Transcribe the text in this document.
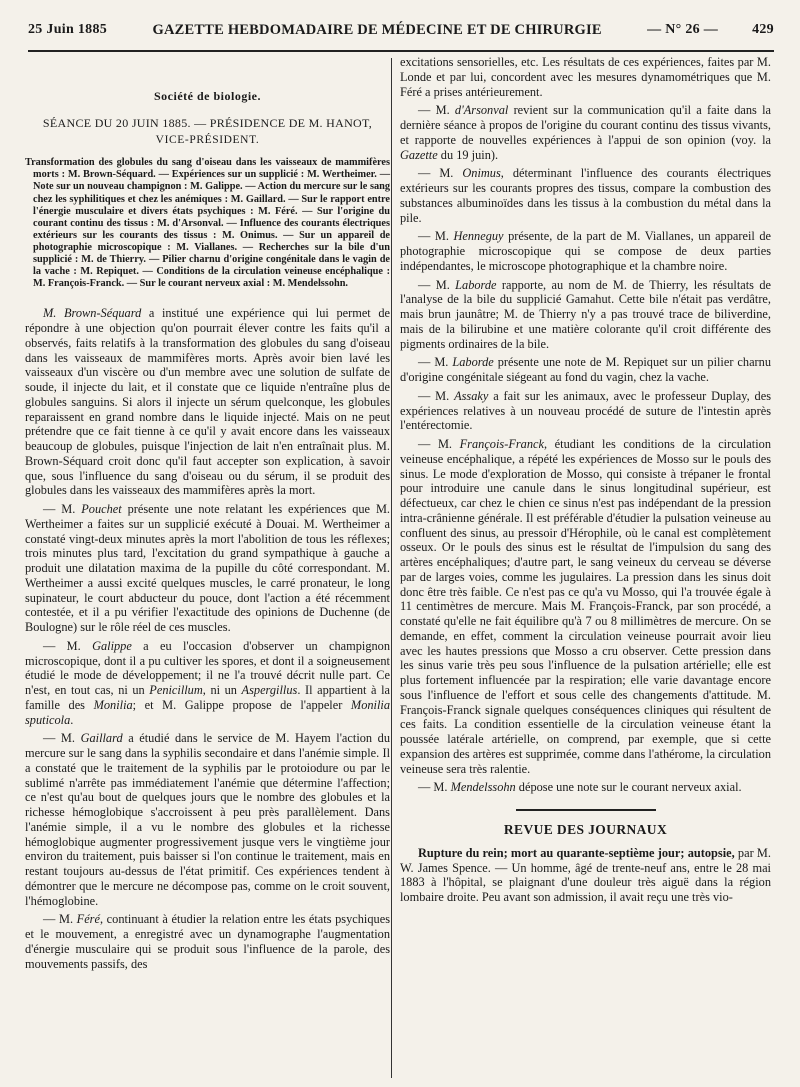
25 Juin 1885	GAZETTE HEBDOMADAIRE DE MÉDECINE ET DE CHIRURGIE	— N° 26 — 429
Société de biologie.
SÉANCE DU 20 JUIN 1885. — PRÉSIDENCE DE M. HANOT,
VICE-PRÉSIDENT.
Transformation des globules du sang d'oiseau dans les vaisseaux de mammifères morts : M. Brown-Séquard. — Expériences sur un supplicié : M. Wertheimer. — Note sur un nouveau champignon : M. Galippe. — Action du mercure sur le sang chez les syphilitiques et chez les anémiques : M. Gaillard. — Sur le rapport entre l'énergie musculaire et divers états psychiques : M. Féré. — Sur l'origine du courant continu des tissus : M. d'Arsonval. — Influence des courants électriques extérieurs sur les courants des tissus : M. Onimus. — Sur un appareil de photographie microscopique : M. Viallanes. — Recherches sur la bile d'un supplicié : M. de Thierry. — Pilier charnu d'origine congénitale dans le vagin de la vache : M. Repiquet. — Conditions de la circulation veineuse encéphalique : M. François-Franck. — Sur le courant nerveux axial : M. Mendelssohn.

M. Brown-Séquard a institué une expérience qui lui permet de répondre à une objection qu'on pourrait élever contre les faits qu'il a observés, faits relatifs à la transformation des globules du sang d'oiseau dans les vaisseaux de mammifères morts. Après avoir bien lavé les vaisseaux d'un viscère ou d'un membre avec une solution de sulfate de soude, il injecte du lait, et il constate que ce liquide n'entraîne plus de globules sanguins. Si alors il injecte un sérum quelconque, les globules reparaissent en grand nombre dans le liquide injecté. Mais on ne peut prétendre que ce fait tienne à ce qu'il y avait encore dans les vaisseaux beaucoup de globules, puisque l'injection de lait n'en entraînait plus. M. Brown-Séquard croit donc qu'il faut accepter son explication, à savoir que, sous l'influence du sang d'oiseau ou du sérum, il se produit des globules dans les vaisseaux des mammifères après la mort.

— M. Pouchet présente une note relatant les expériences que M. Wertheimer a faites sur un supplicié exécuté à Douai. M. Wertheimer a constaté vingt-deux minutes après la mort l'abolition de tous les réflexes; trois minutes plus tard, l'excitation du grand sympathique à gauche a produit une dilatation maxima de la pupille du côté correspondant. M. Wertheimer a aussi excité quelques muscles, le carré pronateur, le long supinateur, le court abducteur du pouce, dont l'action a été récemment contestée, et il a pu vérifier l'exactitude des opinions de Duchenne (de Boulogne) sur le rôle réel de ces muscles.

— M. Galippe a eu l'occasion d'observer un champignon microscopique, dont il a pu cultiver les spores, et dont il a soigneusement étudié le mode de développement; il ne l'a trouvé décrit nulle part. Ce n'est, en tout cas, ni un Penicillum, ni un Aspergillus. Il appartient à la famille des Monilia; et M. Galippe propose de l'appeler Monilia sputicola.

— M. Gaillard a étudié dans le service de M. Hayem l'action du mercure sur le sang dans la syphilis secondaire et dans l'anémie simple. Il a constaté que le traitement de la syphilis par le protoiodure ou par le sublimé n'arrête pas immédiatement l'anémie que détermine l'affection; ce n'est qu'au bout de quelques jours que le nombre des globules et la richesse hémoglobique s'accroissent à peu près parallèlement. Dans l'anémie simple, il a vu le nombre des globules et la richesse hémoglobique augmenter progressivement jusque vers le vingtième jour environ du traitement, puis baisser si l'on continue le traitement, mais en restant toujours au-dessus de l'état primitif. Ces expériences tendent à démontrer que le mercure ne décompose pas, comme on le croit souvent, l'hémoglobine.

— M. Féré, continuant à étudier la relation entre les états psychiques et le mouvement, a enregistré avec un dynamographe l'augmentation d'énergie musculaire qui se produit sous l'influence de la parole, des mouvements passifs, des

excitations sensorielles, etc. Les résultats de ces expériences, faites par M. Londe et par lui, concordent avec les mesures dynamométriques que M. Féré a prises antérieurement.

— M. d'Arsonval revient sur la communication qu'il a faite dans la dernière séance à propos de l'origine du courant continu des tissus vivants, et rapporte de nouvelles expériences à l'appui de son opinion (voy. la Gazette du 19 juin).

— M. Onimus, déterminant l'influence des courants électriques extérieurs sur les courants propres des tissus, compare la combustion des substances albuminoïdes dans les tissus à la combustion du métal dans la pile.

— M. Henneguy présente, de la part de M. Viallanes, un appareil de photographie microscopique qui se compose de deux parties indépendantes, le microscope photographique et la chambre noire.

— M. Laborde rapporte, au nom de M. de Thierry, les résultats de l'analyse de la bile du supplicié Gamahut. Cette bile n'était pas verdâtre, mais brun jaunâtre; M. de Thierry n'y a pas trouvé trace de biliverdine, mais de la bilirubine et une matière colorante qu'il croit différente des pigments ordinaires de la bile.

— M. Laborde présente une note de M. Repiquet sur un pilier charnu d'origine congénitale siégeant au fond du vagin, chez la vache.

— M. Assaky a fait sur les animaux, avec le professeur Duplay, des expériences relatives à un nouveau procédé de suture de l'intestin après l'entérectomie.

— M. François-Franck, étudiant les conditions de la circulation veineuse encéphalique, a répété les expériences de Mosso sur le pouls des sinus. Le mode d'exploration de Mosso, qui consiste à trépaner le frontal pour introduire une canule dans le sinus longitudinal supérieur, est défectueux, car chez le chien ce sinus n'est pas indépendant de la pression intra-crânienne générale. Il est préférable d'étudier la pulsation veineuse au confluent des sinus, au pressoir d'Hérophile, où le canal est complètement osseux. Or le pouls des sinus est le résultat de l'impulsion du sang des artères encéphaliques; d'autre part, le sang veineux du cerveau se déverse par de larges voies, comme les jugulaires. La pression dans les sinus doit donc être très faible. Ce n'est pas ce qu'a vu Mosso, qui l'a trouvée égale à 11 centimètres de mercure. Mais M. François-Franck, par son procédé, a constaté qu'elle ne fait équilibre qu'à 7 ou 8 millimètres de mercure. On se demande, en effet, comment la circulation veineuse pourrait avoir lieu avec les hautes pressions que Mosso a cru observer. Cette pression dans les sinus varie très peu sous l'influence de la pulsation artérielle; elle est plus fortement influencée par la respiration; elle varie davantage encore sous l'influence de l'effort et sous celle des changements d'attitude. M. François-Franck signale quelques conséquences cliniques qui résultent de ces faits. La condition essentielle de la circulation veineuse étant la poussée latérale artérielle, on comprend, par exemple, que si cette expansion des artères est supprimée, comme dans l'athérome, la circulation veineuse sera très ralentie.

— M. Mendelssohn dépose une note sur le courant nerveux axial.

REVUE DES JOURNAUX

Rupture du rein; mort au quarante-septième jour; autopsie, par M. W. James Spence. — Un homme, âgé de trente-neuf ans, entre le 28 mai 1883 à l'hôpital, se plaignant d'une douleur très aiguë dans la région lombaire droite. Peu avant son admission, il avait reçu une très vio-
